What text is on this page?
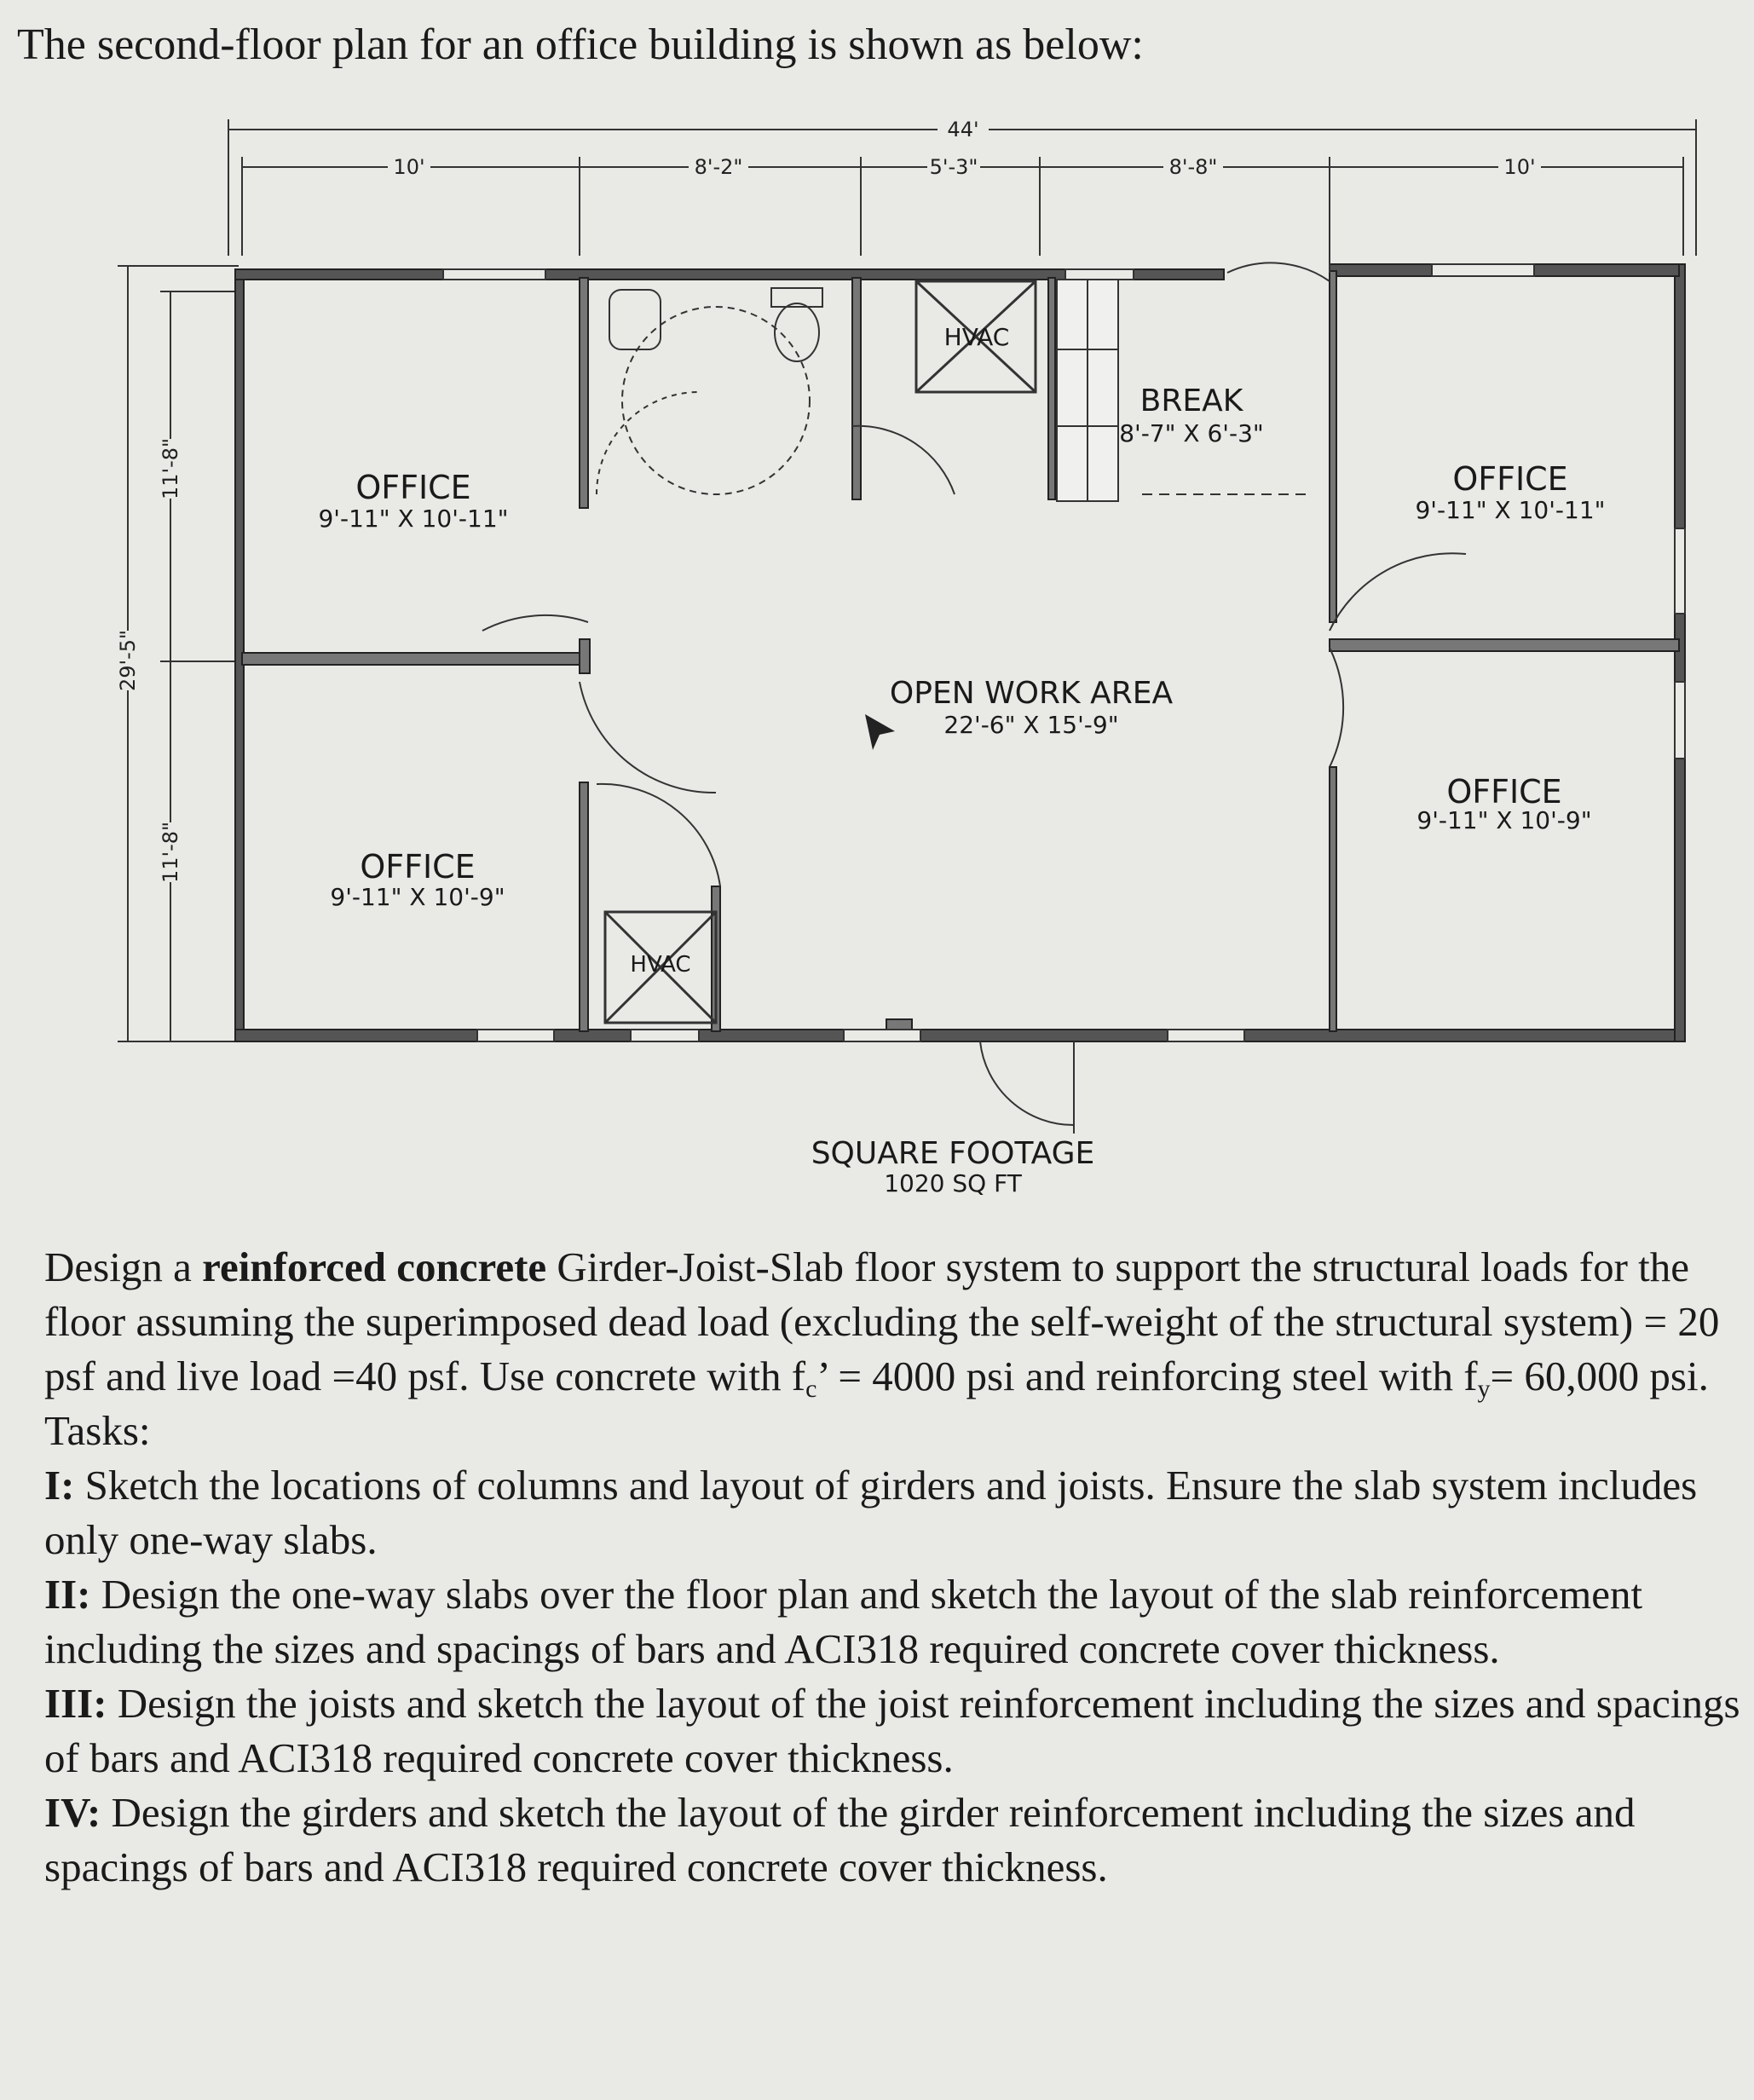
The second-floor plan for an office building is shown as below:
44'
10'	8'-2"	5'-3"	8'-8"	10'
29'-5"
11'-8"
11'-8"
OFFICE
9'-11" X 10'-11"
OFFICE
9'-11" X 10'-9"
OFFICE
9'-11" X 10'-11"
OFFICE
9'-11" X 10'-9"
OPEN WORK AREA
22'-6" X 15'-9"
BREAK
8'-7" X 6'-3"
HVAC
HVAC
SQUARE FOOTAGE
1020 SQ FT

Design a reinforced concrete Girder-Joist-Slab floor system to support the structural loads for the floor assuming the superimposed dead load (excluding the self-weight of the structural system) = 20 psf and live load =40 psf. Use concrete with $f_c$’ = 4000 psi and reinforcing steel with $f_y= 60,000$ psi.

Tasks:

I: Sketch the locations of columns and layout of girders and joists. Ensure the slab system includes only one-way slabs.

II: Design the one-way slabs over the floor plan and sketch the layout of the slab reinforcement including the sizes and spacings of bars and ACI318 required concrete cover thickness.

III: Design the joists and sketch the layout of the joist reinforcement including the sizes and spacings of bars and ACI318 required concrete cover thickness.

IV: Design the girders and sketch the layout of the girder reinforcement including the sizes and spacings of bars and ACI318 required concrete cover thickness.
